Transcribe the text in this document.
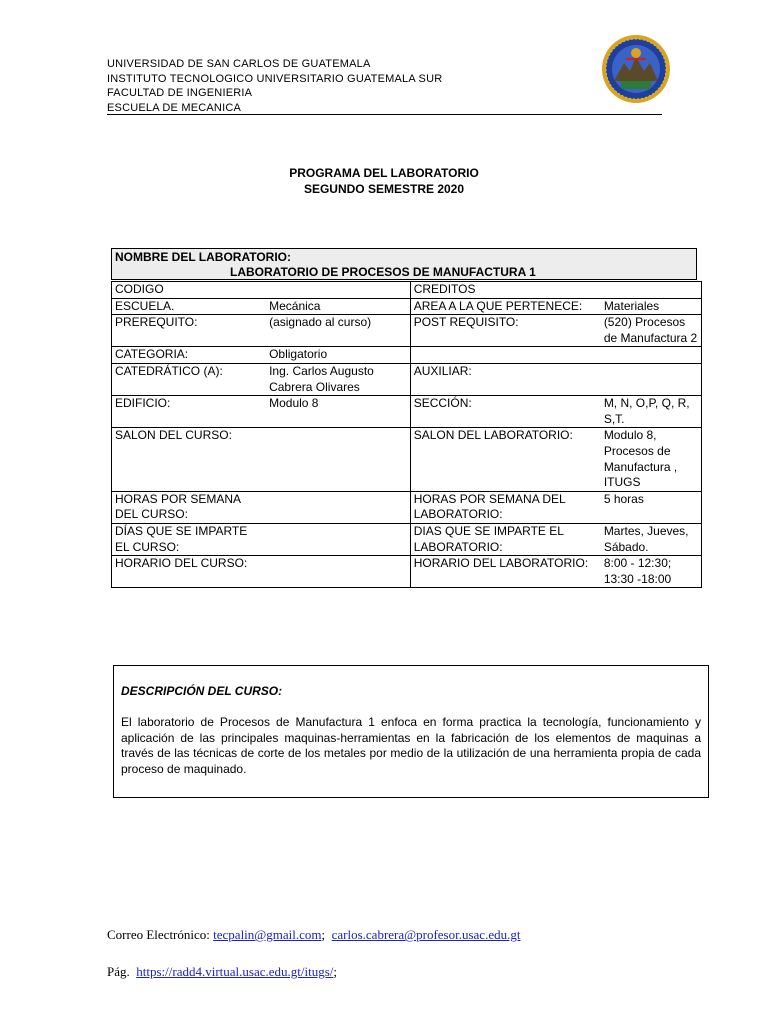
UNIVERSIDAD DE SAN CARLOS DE GUATEMALA
INSTITUTO TECNOLOGICO UNIVERSITARIO GUATEMALA SUR
FACULTAD DE INGENIERIA
ESCUELA DE MECANICA
PROGRAMA DEL LABORATORIO
SEGUNDO SEMESTRE 2020
NOMBRE DEL LABORATORIO:
LABORATORIO DE PROCESOS DE MANUFACTURA 1
CODIGO		CREDITOS	
ESCUELA.	Mecánica	AREA A LA QUE PERTENECE:	Materiales
PREREQUITO:	(asignado al curso)	POST REQUISITO:	(520) Procesos de Manufactura 2
CATEGORIA:	Obligatorio		
CATEDRÁTICO (A):	Ing. Carlos Augusto Cabrera Olivares	AUXILIAR:	
EDIFICIO:	Modulo 8	SECCIÓN:	M, N, O,P, Q, R, S,T.
SALON DEL CURSO:		SALON DEL LABORATORIO:	Modulo 8, Procesos de Manufactura , ITUGS
HORAS POR SEMANA DEL CURSO:		HORAS POR SEMANA DEL LABORATORIO:	5 horas
DÍAS QUE SE IMPARTE EL CURSO:		DIAS QUE SE IMPARTE EL LABORATORIO:	Martes, Jueves, Sábado.
HORARIO DEL CURSO:		HORARIO DEL LABORATORIO:	8:00 - 12:30; 13:30 -18:00
DESCRIPCIÓN DEL CURSO:
El laboratorio de Procesos de Manufactura 1 enfoca en forma practica la tecnología, funcionamiento y aplicación de las principales maquinas-herramientas en la fabricación de los elementos de maquinas a través de las técnicas de corte de los metales por medio de la utilización de una herramienta propia de cada proceso de maquinado.
Correo Electrónico: tecpalin@gmail.com; carlos.cabrera@profesor.usac.edu.gt
Pág. https://radd4.virtual.usac.edu.gt/itugs/;
